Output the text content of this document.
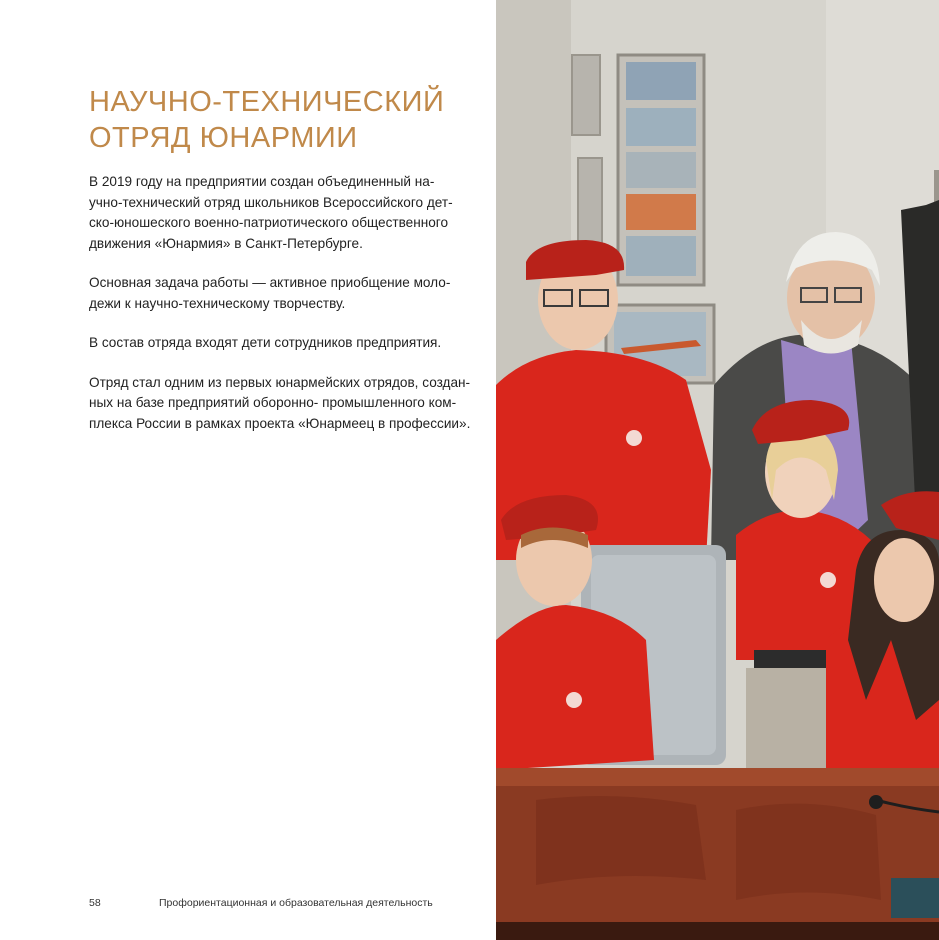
НАУЧНО-ТЕХНИЧЕСКИЙ
ОТРЯД ЮНАРМИИ

В 2019 году на предприятии создан объединенный на-
учно-технический отряд школьников Всероссийского дет-
ско-юношеского военно-патриотического общественного
движения «Юнармия» в Санкт-Петербурге.

Основная задача работы — активное приобщение моло-
дежи к научно-техническому творчеству.

В состав отряда входят дети сотрудников предприятия.

Отряд стал одним из первых юнармейских отрядов, создан-
ных на базе предприятий оборонно- промышленного ком-
плекса России в рамках проекта «Юнармеец в профессии».

58	Профориентационная и образовательная деятельность
